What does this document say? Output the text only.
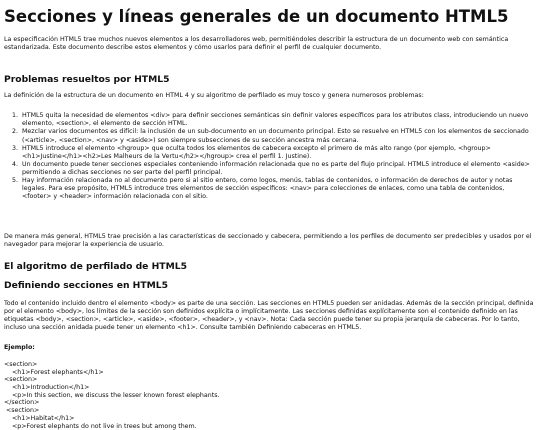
Secciones y líneas generales de un documento HTML5

La especificación HTML5 trae muchos nuevos elementos a los desarrolladores web, permitiéndoles describir la estructura de un documento web con semántica estandarizada. Este documento describe estos elementos y cómo usarlos para definir el perfil de cualquier documento.

Problemas resueltos por HTML5

La definición de la estructura de un documento en HTML 4 y su algoritmo de perfilado es muy tosco y genera numerosos problemas:

1. HTML5 quita la necesidad de elementos <div> para definir secciones semánticas sin definir valores específicos para los atributos class, introduciendo un nuevo elemento, <section>, el elemento de sección HTML.
2. Mezclar varios documentos es difícil: la inclusión de un sub-documento en un documento principal. Esto se resuelve en HTML5 con los elementos de seccionado (<article>, <section>, <nav> y <aside>) son siempre subsecciones de su sección ancestra más cercana.
3. HTML5 introduce el elemento <hgroup> que oculta todos los elementos de cabecera excepto el primero de más alto rango (por ejemplo, <hgroup><h1>Justine</h1><h2>Les Malheurs de la Vertu</h2></hgroup> crea el perfil 1. Justine).
4. Un documento puede tener secciones especiales conteniendo información relacionada que no es parte del flujo principal. HTML5 introduce el elemento <aside> permitiendo a dichas secciones no ser parte del perfil principal.
5. Hay información relacionada no al documento pero si al sitio entero, como logos, menús, tablas de contenidos, o información de derechos de autor y notas legales. Para ese propósito, HTML5 introduce tres elementos de sección específicos: <nav> para colecciones de enlaces, como una tabla de contenidos, <footer> y <header> información relacionada con el sitio.

De manera más general, HTML5 trae precisión a las características de seccionado y cabecera, permitiendo a los perfiles de documento ser predecibles y usados por el navegador para mejorar la experiencia de usuario.

El algoritmo de perfilado de HTML5
Definiendo secciones en HTML5

Todo el contenido incluido dentro el elemento <body> es parte de una sección. Las secciones en HTML5 pueden ser anidadas. Además de la sección principal, definida por el elemento <body>, los límites de la sección son definidos explícita o implícitamente. Las secciones definidas explícitamente son el contenido definido en las etiquetas <body>, <section>, <article>, <aside>, <footer>, <header>, y <nav>. Nota: Cada sección puede tener su propia jerarquía de cabeceras. Por lo tanto, incluso una sección anidada puede tener un elemento <h1>. Consulte también Definiendo cabeceras en HTML5.

Ejemplo:
<section>
<h1>Forest elephants</h1>
<section>
<h1>Introduction</h1>
<p>In this section, we discuss the lesser known forest elephants.
</section>
<section>
<h1>Habitat</h1>
<p>Forest elephants do not live in trees but among them.
